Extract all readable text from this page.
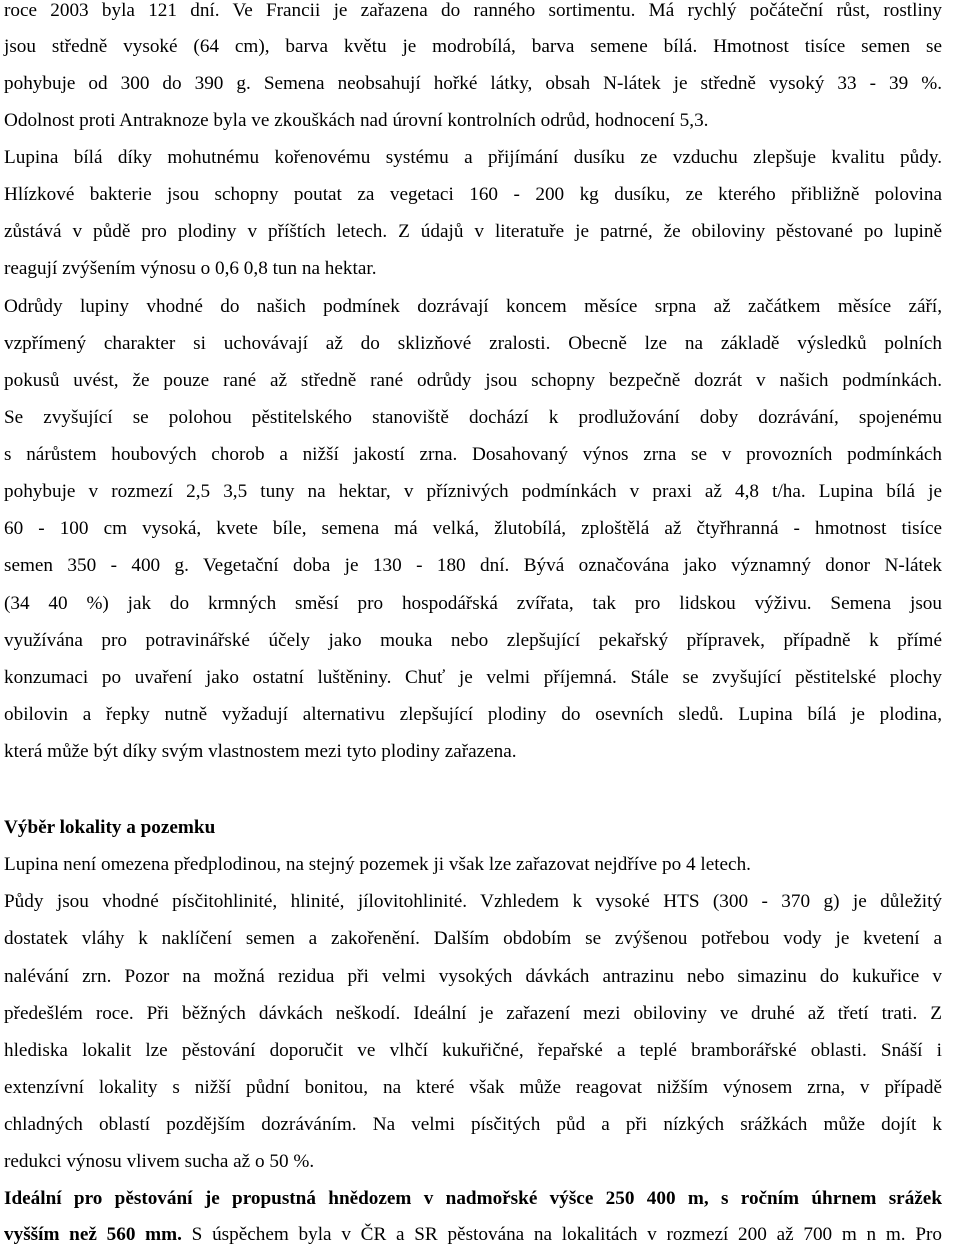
roce 2003 byla 121 dní. Ve Francii je zařazena do ranného sortimentu. Má rychlý počáteční růst, rostliny
jsou středně vysoké (64 cm), barva květu je modrobílá, barva semene bílá. Hmotnost tisíce semen se
pohybuje od 300 do 390 g. Semena neobsahují hořké látky, obsah N-látek je středně vysoký 33 - 39 %.
Odolnost proti Antraknoze byla ve zkouškách nad úrovní kontrolních odrůd, hodnocení 5,3.
Lupina bílá díky mohutnému kořenovému systému a přijímání dusíku ze vzduchu zlepšuje kvalitu půdy.
Hlízkové bakterie jsou schopny poutat za vegetaci 160 - 200 kg dusíku, ze kterého přibližně polovina
zůstává v půdě pro plodiny v příštích letech. Z údajů v literatuře je patrné, že obiloviny pěstované po lupině
reagují zvýšením výnosu o 0,6 0,8 tun na hektar.
Odrůdy lupiny vhodné do našich podmínek dozrávají koncem měsíce srpna až začátkem měsíce září,
vzpřímený charakter si uchovávají až do sklizňové zralosti. Obecně lze na základě výsledků polních
pokusů uvést, že pouze rané až středně rané odrůdy jsou schopny bezpečně dozrát v našich podmínkách.
Se zvyšující se polohou pěstitelského stanoviště dochází k prodlužování doby dozrávání, spojenému
s nárůstem houbových chorob a nižší jakostí zrna. Dosahovaný výnos zrna se v provozních podmínkách
pohybuje v rozmezí 2,5 3,5 tuny na hektar, v příznivých podmínkách v praxi až 4,8 t/ha. Lupina bílá je
60 - 100 cm vysoká, kvete bíle, semena má velká, žlutobílá, zploštělá až čtyřhranná - hmotnost tisíce
semen 350 - 400 g. Vegetační doba je 130 - 180 dní. Bývá označována jako významný donor N-látek
(34 40 %) jak do krmných směsí pro hospodářská zvířata, tak pro lidskou výživu. Semena jsou
využívána pro potravinářské účely jako mouka nebo zlepšující pekařský přípravek, případně k přímé
konzumaci po uvaření jako ostatní luštěniny. Chuť je velmi příjemná. Stále se zvyšující pěstitelské plochy
obilovin a řepky nutně vyžadují alternativu zlepšující plodiny do osevních sledů. Lupina bílá je plodina,
která může být díky svým vlastnostem mezi tyto plodiny zařazena.
Výběr lokality a pozemku
Lupina není omezena předplodinou, na stejný pozemek ji však lze zařazovat nejdříve po 4 letech.
Půdy jsou vhodné písčitohlinité, hlinité, jílovitohlinité. Vzhledem k vysoké HTS (300 - 370 g) je důležitý
dostatek vláhy k naklíčení semen a zakořenění. Dalším obdobím se zvýšenou potřebou vody je kvetení a
nalévání zrn. Pozor na možná rezidua při velmi vysokých dávkách antrazinu nebo simazinu do kukuřice v
předešlém roce. Při běžných dávkách neškodí. Ideální je zařazení mezi obiloviny ve druhé až třetí trati. Z
hlediska lokalit lze pěstování doporučit ve vlhčí kukuřičné, řepařské a teplé bramborářské oblasti. Snáší i
extenzívní lokality s nižší půdní bonitou, na které však může reagovat nižším výnosem zrna, v případě
chladných oblastí pozdějším dozráváním. Na velmi písčitých půd a při nízkých srážkách může dojít k
redukci výnosu vlivem sucha až o 50 %.
Ideální pro pěstování je propustná hnědozem v nadmořské výšce 250 400 m, s ročním úhrnem srážek
vyšším než 560 mm. S úspěchem byla v ČR a SR pěstována na lokalitách v rozmezí 200 až 700 m n m. Pro
